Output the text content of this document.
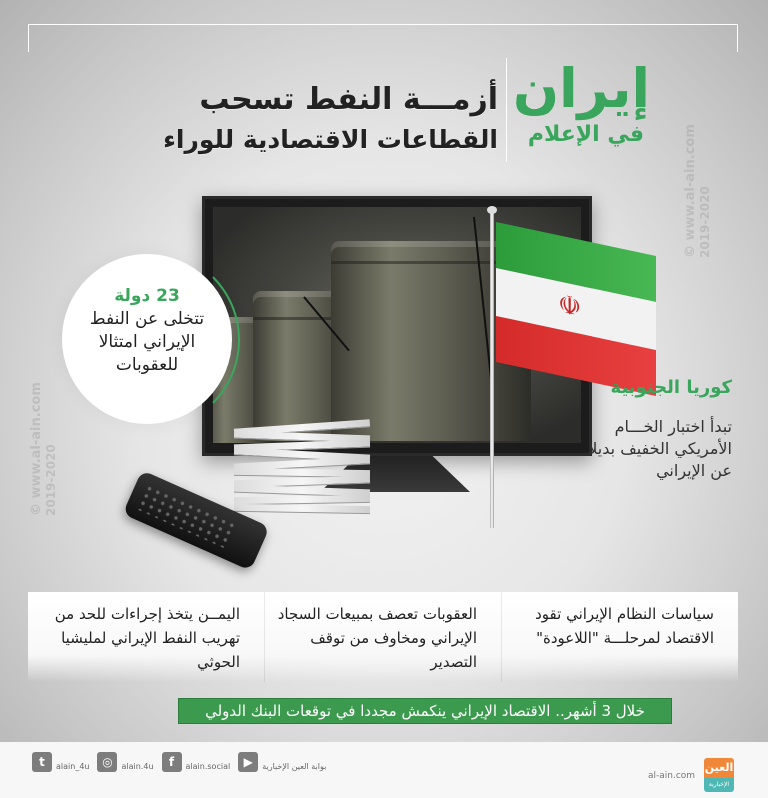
© www.al-ain.com 2019-2020
© www.al-ain.com 2019-2020
إيران
في الإعلام
أزمـــة النفط تسحب
القطاعات الاقتصادية للوراء
☫
23 دولة
تتخلى عن النفط الإيراني امتثالا للعقوبات
كوريا الجنوبية
تبدأ اختبار الخـــام الأمريكي الخفيف بديلا عن الإيراني
سياسات النظام الإيراني تقود الاقتصاد لمرحلـــة "اللاعودة"
العقوبات تعصف بمبيعات السجاد الإيراني ومخاوف من توقف التصدير
اليمــن يتخذ إجراءات للحد من تهريب النفط الإيراني لمليشيا الحوثي
خلال 3 أشهر.. الاقتصاد الإيراني ينكمش مجددا في توقعات البنك الدولي
t	alain_4u	◎	alain.4u	f	alain.social	▶	بوابة العين الإخبارية
al-ain.com
العين
الإخبارية
